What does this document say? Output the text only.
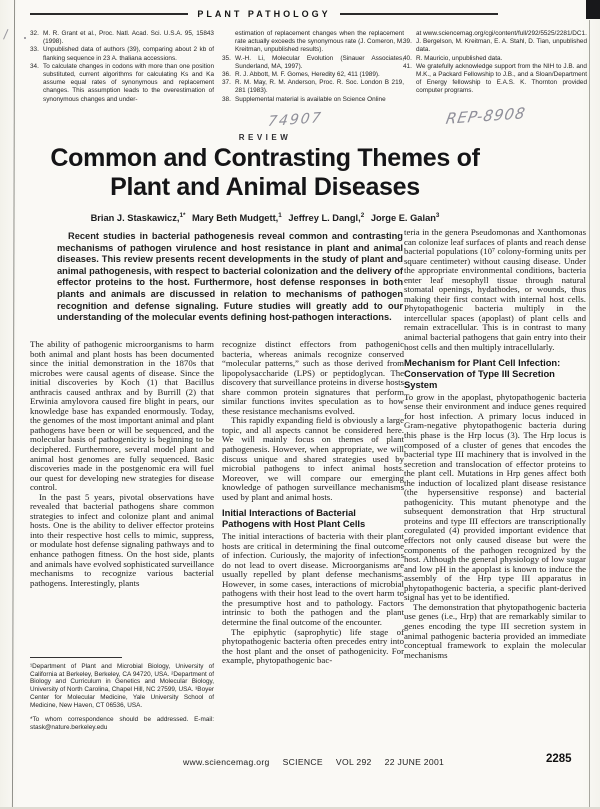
PLANT PATHOLOGY
32. M. R. Grant et al., Proc. Natl. Acad. Sci. U.S.A. 95, 15843 (1998).
33. Unpublished data of authors (39), comparing about 2 kb of flanking sequence in 23 A. thaliana accessions.
34. To calculate changes in codons with more than one position substituted, current algorithms for calculating Ks and Ka assume equal rates of synonymous and replacement changes. This assumption leads to the overestimation of synonymous changes and under-
estimation of replacement changes when the replacement rate actually exceeds the synonymous rate (J. Comeron, M. Kreitman, unpublished results).
35. W.-H. Li, Molecular Evolution (Sinauer Associates, Sunderland, MA, 1997).
36. R. J. Abbott, M. F. Gomes, Heredity 62, 411 (1989).
37. R. M. May, R. M. Anderson, Proc. R. Soc. London B 219, 281 (1983).
38. Supplemental material is available on Science Online
at www.sciencemag.org/cgi/content/full/292/5525/2281/DC1.
39. J. Bergelson, M. Kreitman, E. A. Stahl, D. Tian, unpublished data.
40. R. Mauricio, unpublished data.
41. We gratefully acknowledge support from the NIH to J.B. and M.K., a Packard Fellowship to J.B., and a Sloan/Department of Energy fellowship to E.A.S. K. Thornton provided computer programs.
74907	REP-8908
REVIEW
Common and Contrasting Themes of
Plant and Animal Diseases
Brian J. Staskawicz,$^{1*}$ Mary Beth Mudgett,$^1$ Jeffrey L. Dangl,$^2$ Jorge E. Galan$^3$
Recent studies in bacterial pathogenesis reveal common and contrasting mechanisms of pathogen virulence and host resistance in plant and animal diseases. This review presents recent developments in the study of plant and animal pathogenesis, with respect to bacterial colonization and the delivery of effector proteins to the host. Furthermore, host defense responses in both plants and animals are discussed in relation to mechanisms of pathogen recognition and defense signaling. Future studies will greatly add to our understanding of the molecular events defining host-pathogen interactions.

The ability of pathogenic microorganisms to harm both animal and plant hosts has been documented since the initial demonstration in the 1870s that microbes were causal agents of disease. Since the initial discoveries by Koch (1) that Bacillus anthracis caused anthrax and by Burrill (2) that Erwinia amylovora caused fire blight in pears, our knowledge base has expanded enormously. Today, the genomes of the most important animal and plant pathogens have been or will be sequenced, and the molecular basis of pathogenicity is beginning to be deciphered. Furthermore, several model plant and animal host genomes are fully sequenced. Basic discoveries made in the postgenomic era will fuel our quest for developing new strategies for disease control.

In the past 5 years, pivotal observations have revealed that bacterial pathogens share common strategies to infect and colonize plant and animal hosts. One is the ability to deliver effector proteins into their respective host cells to mimic, suppress, or modulate host defense signaling pathways and to enhance pathogen fitness. On the host side, plants and animals have evolved sophisticated surveillance mechanisms to recognize various bacterial pathogens. Interestingly, plants

¹Department of Plant and Microbial Biology, University of California at Berkeley, Berkeley, CA 94720, USA. ²Department of Biology and Curriculum in Genetics and Molecular Biology, University of North Carolina, Chapel Hill, NC 27599, USA. ³Boyer Center for Molecular Medicine, Yale University School of Medicine, New Haven, CT 06536, USA.
*To whom correspondence should be addressed. E-mail: stask@nature.berkeley.edu

recognize distinct effectors from pathogenic bacteria, whereas animals recognize conserved “molecular patterns,” such as those derived from lipopolysaccharide (LPS) or peptidoglycan. The discovery that surveillance proteins in diverse hosts share common protein signatures that perform similar functions invites speculation as to how these resistance mechanisms evolved.

This rapidly expanding field is obviously a large topic, and all aspects cannot be considered here. We will mainly focus on themes of plant pathogenesis. However, when appropriate, we will discuss unique and shared strategies used by microbial pathogens to infect animal hosts. Moreover, we will compare our emerging knowledge of pathogen surveillance mechanisms used by plant and animal hosts.

Initial Interactions of Bacterial Pathogens with Host Plant Cells

The initial interactions of bacteria with their plant hosts are critical in determining the final outcome of infection. Curiously, the majority of infections do not lead to overt disease. Microorganisms are usually repelled by plant defense mechanisms. However, in some cases, interactions of microbial pathogens with their host lead to the overt harm to the presumptive host and to pathology. Factors intrinsic to both the pathogen and the plant determine the final outcome of the encounter.

The epiphytic (saprophytic) life stage of phytopathogenic bacteria often precedes entry into the host plant and the onset of pathogenicity. For example, phytopathogenic bac-

teria in the genera Pseudomonas and Xanthomonas can colonize leaf surfaces of plants and reach dense bacterial populations (10⁷ colony-forming units per square centimeter) without causing disease. Under the appropriate environmental conditions, bacteria enter leaf mesophyll tissue through natural stomatal openings, hydathodes, or wounds, thus making their first contact with internal host cells. Phytopathogenic bacteria multiply in the intercellular spaces (apoplast) of plant cells and remain extracellular. This is in contrast to many animal bacterial pathogens that gain entry into their host cells and then multiply intracellularly.

Mechanism for Plant Cell Infection: Conservation of Type III Secretion System

To grow in the apoplast, phytopathogenic bacteria sense their environment and induce genes required for host infection. A primary locus induced in Gram-negative phytopathogenic bacteria during this phase is the Hrp locus (3). The Hrp locus is composed of a cluster of genes that encodes the bacterial type III machinery that is involved in the secretion and translocation of effector proteins to the plant cell. Mutations in Hrp genes affect both the induction of localized plant disease resistance (the hypersensitive response) and bacterial pathogenicity. This mutant phenotype and the subsequent demonstration that Hrp structural proteins and type III effectors are transcriptionally coregulated (4) provided important evidence that effectors not only caused disease but were the components of the pathogen recognized by the host. Although the general physiology of low sugar and low pH in the apoplast is known to induce the assembly of the Hrp type III apparatus in phytopathogenic bacteria, a specific plant-derived signal has yet to be identified.

The demonstration that phytopathogenic bacteria use genes (i.e., Hrp) that are remarkably similar to genes encoding the type III secretion system in animal pathogenic bacteria provided an immediate conceptual framework to explain the molecular mechanisms

www.sciencemag.org SCIENCE VOL 292 22 JUNE 2001	2285
